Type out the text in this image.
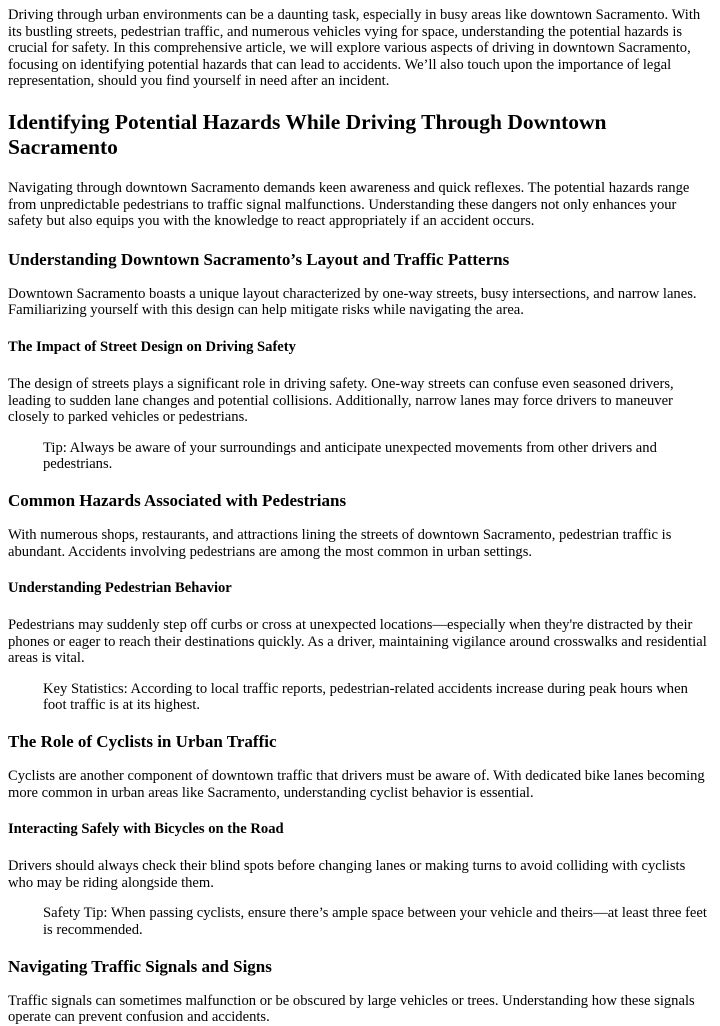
Driving through urban environments can be a daunting task, especially in busy areas like downtown Sacramento. With its bustling streets, pedestrian traffic, and numerous vehicles vying for space, understanding the potential hazards is crucial for safety. In this comprehensive article, we will explore various aspects of driving in downtown Sacramento, focusing on identifying potential hazards that can lead to accidents. We’ll also touch upon the importance of legal representation, should you find yourself in need after an incident.

Identifying Potential Hazards While Driving Through Downtown Sacramento

Navigating through downtown Sacramento demands keen awareness and quick reflexes. The potential hazards range from unpredictable pedestrians to traffic signal malfunctions. Understanding these dangers not only enhances your safety but also equips you with the knowledge to react appropriately if an accident occurs.

Understanding Downtown Sacramento’s Layout and Traffic Patterns

Downtown Sacramento boasts a unique layout characterized by one-way streets, busy intersections, and narrow lanes. Familiarizing yourself with this design can help mitigate risks while navigating the area.

The Impact of Street Design on Driving Safety

The design of streets plays a significant role in driving safety. One-way streets can confuse even seasoned drivers, leading to sudden lane changes and potential collisions. Additionally, narrow lanes may force drivers to maneuver closely to parked vehicles or pedestrians.

Tip: Always be aware of your surroundings and anticipate unexpected movements from other drivers and pedestrians.
Common Hazards Associated with Pedestrians

With numerous shops, restaurants, and attractions lining the streets of downtown Sacramento, pedestrian traffic is abundant. Accidents involving pedestrians are among the most common in urban settings.

Understanding Pedestrian Behavior

Pedestrians may suddenly step off curbs or cross at unexpected locations—especially when they're distracted by their phones or eager to reach their destinations quickly. As a driver, maintaining vigilance around crosswalks and residential areas is vital.

Key Statistics: According to local traffic reports, pedestrian-related accidents increase during peak hours when foot traffic is at its highest.
The Role of Cyclists in Urban Traffic

Cyclists are another component of downtown traffic that drivers must be aware of. With dedicated bike lanes becoming more common in urban areas like Sacramento, understanding cyclist behavior is essential.

Interacting Safely with Bicycles on the Road

Drivers should always check their blind spots before changing lanes or making turns to avoid colliding with cyclists who may be riding alongside them.

Safety Tip: When passing cyclists, ensure there’s ample space between your vehicle and theirs—at least three feet is recommended.
Navigating Traffic Signals and Signs

Traffic signals can sometimes malfunction or be obscured by large vehicles or trees. Understanding how these signals operate can prevent confusion and accidents.
